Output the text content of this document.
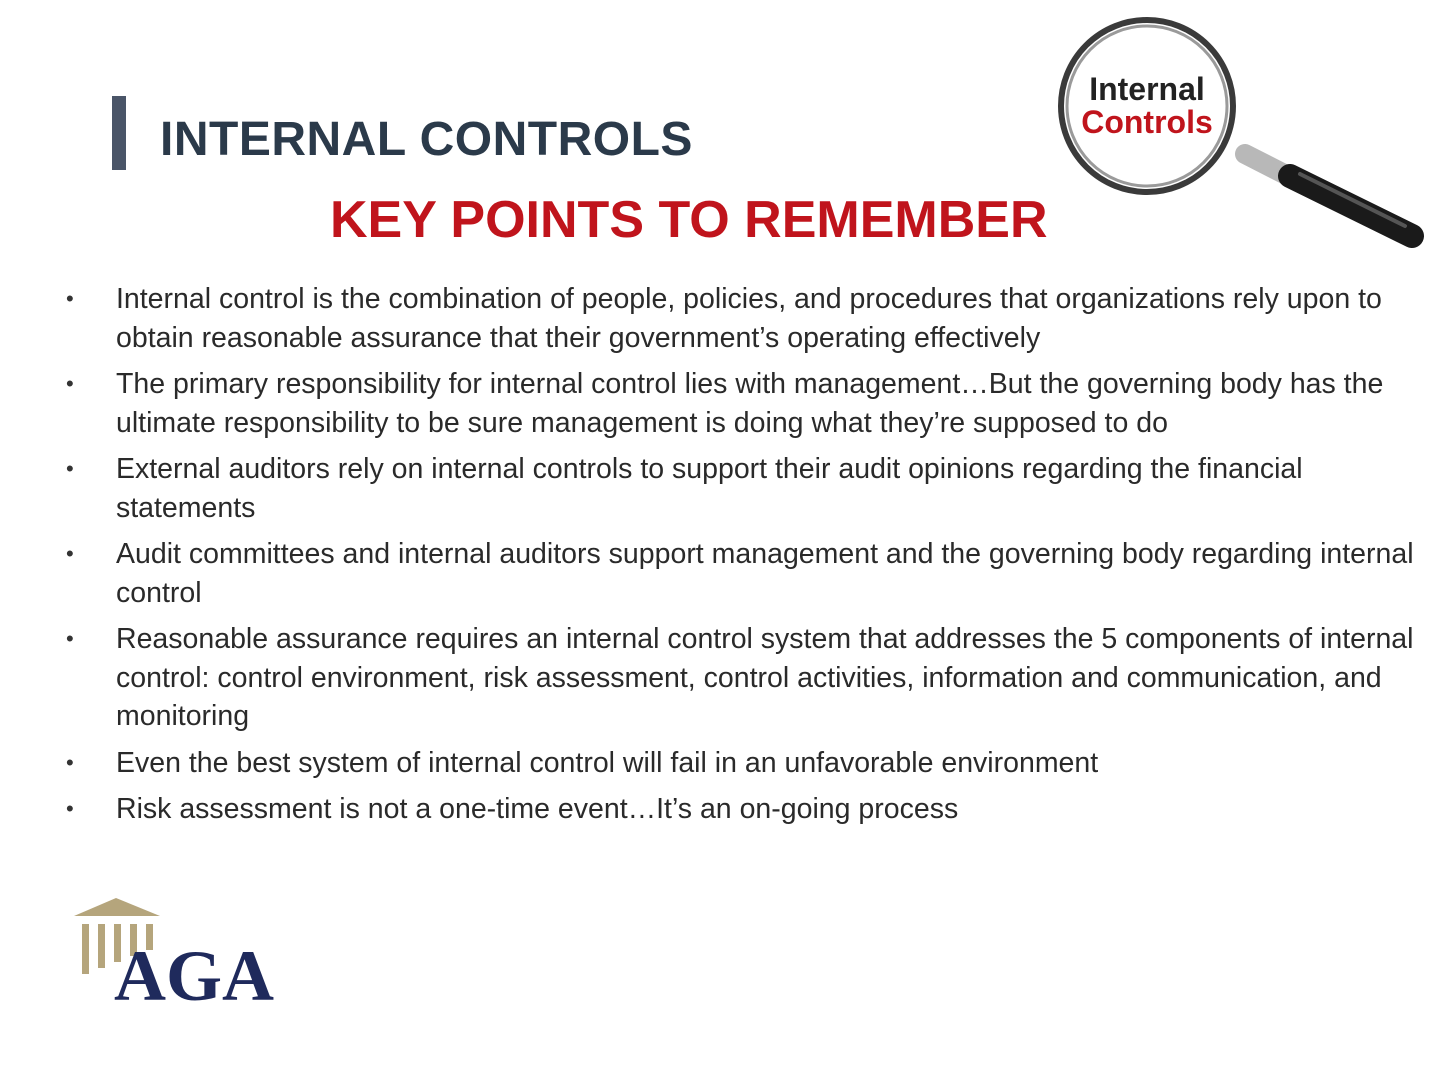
INTERNAL CONTROLS
KEY POINTS TO REMEMBER
Internal
Controls
• Internal control is the combination of people, policies, and procedures that organizations rely upon to obtain reasonable assurance that their government’s operating effectively
• The primary responsibility for internal control lies with management…But the governing body has the ultimate responsibility to be sure management is doing what they’re supposed to do
• External auditors rely on internal controls to support their audit opinions regarding the financial statements
• Audit committees and internal auditors support management and the governing body regarding internal control
• Reasonable assurance requires an internal control system that addresses the 5 components of internal control: control environment, risk assessment, control activities, information and communication, and monitoring
• Even the best system of internal control will fail in an unfavorable environment
• Risk assessment is not a one-time event…It’s an on-going process
AGA
